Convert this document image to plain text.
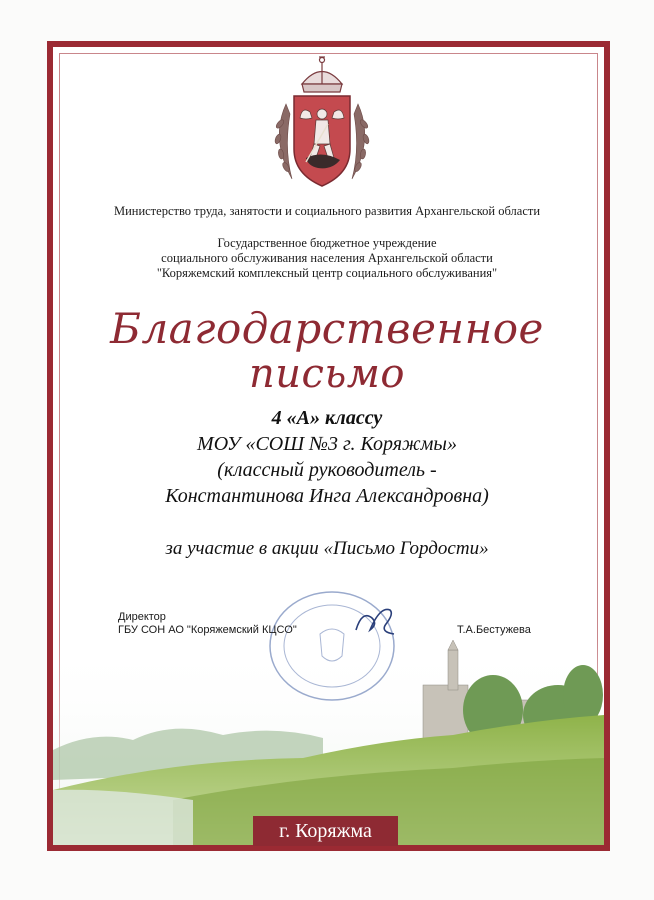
Министерство труда, занятости и социального развития Архангельской области
Государственное бюджетное учреждение
социального обслуживания населения Архангельской области
"Коряжемский комплексный центр социального обслуживания"
Благодарственное
письмо
4 «А» классу
МОУ «СОШ №3 г. Коряжмы»
(классный руководитель -
Константинова Инга Александровна)
за участие в акции «Письмо Гордости»
Директор
ГБУ СОН АО "Коряжемский КЦСО"	Т.А.Бестужева
г. Коряжма
